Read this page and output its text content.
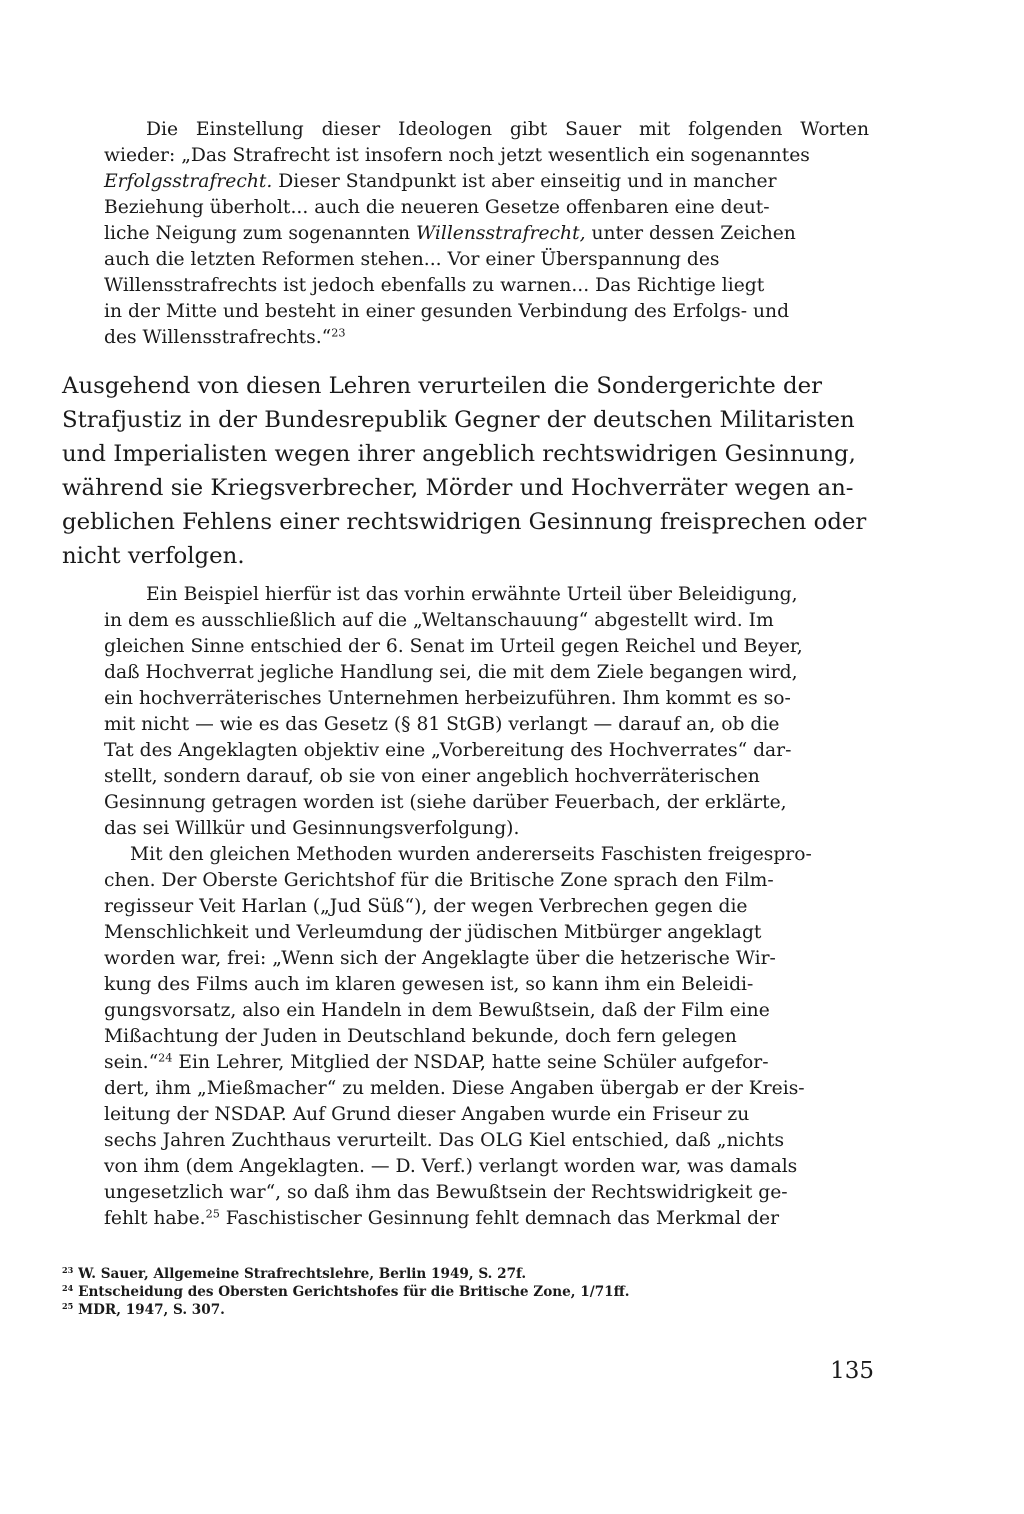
Die Einstellung dieser Ideologen gibt Sauer mit folgenden Worten
wieder: „Das Strafrecht ist insofern noch jetzt wesentlich ein sogenanntes
Erfolgsstrafrecht. Dieser Standpunkt ist aber einseitig und in mancher
Beziehung überholt... auch die neueren Gesetze offenbaren eine deut-
liche Neigung zum sogenannten Willensstrafrecht, unter dessen Zeichen
auch die letzten Reformen stehen... Vor einer Überspannung des
Willensstrafrechts ist jedoch ebenfalls zu warnen... Das Richtige liegt
in der Mitte und besteht in einer gesunden Verbindung des Erfolgs- und
des Willensstrafrechts.“$^{23}$
Ausgehend von diesen Lehren verurteilen die Sondergerichte der
Strafjustiz in der Bundesrepublik Gegner der deutschen Militaristen
und Imperialisten wegen ihrer angeblich rechtswidrigen Gesinnung,
während sie Kriegsverbrecher, Mörder und Hochverräter wegen an-
geblichen Fehlens einer rechtswidrigen Gesinnung freisprechen oder
nicht verfolgen.
Ein Beispiel hierfür ist das vorhin erwähnte Urteil über Beleidigung,
in dem es ausschließlich auf die „Weltanschauung“ abgestellt wird. Im
gleichen Sinne entschied der 6. Senat im Urteil gegen Reichel und Beyer,
daß Hochverrat jegliche Handlung sei, die mit dem Ziele begangen wird,
ein hochverräterisches Unternehmen herbeizuführen. Ihm kommt es so-
mit nicht — wie es das Gesetz (§ 81 StGB) verlangt — darauf an, ob die
Tat des Angeklagten objektiv eine „Vorbereitung des Hochverrates“ dar-
stellt, sondern darauf, ob sie von einer angeblich hochverräterischen
Gesinnung getragen worden ist (siehe darüber Feuerbach, der erklärte,
das sei Willkür und Gesinnungsverfolgung).
Mit den gleichen Methoden wurden andererseits Faschisten freigespro-
chen. Der Oberste Gerichtshof für die Britische Zone sprach den Film-
regisseur Veit Harlan („Jud Süß“), der wegen Verbrechen gegen die
Menschlichkeit und Verleumdung der jüdischen Mitbürger angeklagt
worden war, frei: „Wenn sich der Angeklagte über die hetzerische Wir-
kung des Films auch im klaren gewesen ist, so kann ihm ein Beleidi-
gungsvorsatz, also ein Handeln in dem Bewußtsein, daß der Film eine
Mißachtung der Juden in Deutschland bekunde, doch fern gelegen
sein.“$^{24}$ Ein Lehrer, Mitglied der NSDAP, hatte seine Schüler aufgefor-
dert, ihm „Mießmacher“ zu melden. Diese Angaben übergab er der Kreis-
leitung der NSDAP. Auf Grund dieser Angaben wurde ein Friseur zu
sechs Jahren Zuchthaus verurteilt. Das OLG Kiel entschied, daß „nichts
von ihm (dem Angeklagten. — D. Verf.) verlangt worden war, was damals
ungesetzlich war“, so daß ihm das Bewußtsein der Rechtswidrigkeit ge-
fehlt habe.$^{25}$ Faschistischer Gesinnung fehlt demnach das Merkmal der
$^{23}$ W. Sauer, Allgemeine Strafrechtslehre, Berlin 1949, S. 27f.
$^{24}$ Entscheidung des Obersten Gerichtshofes für die Britische Zone, 1/71ff.
$^{25}$ MDR, 1947, S. 307.
135
